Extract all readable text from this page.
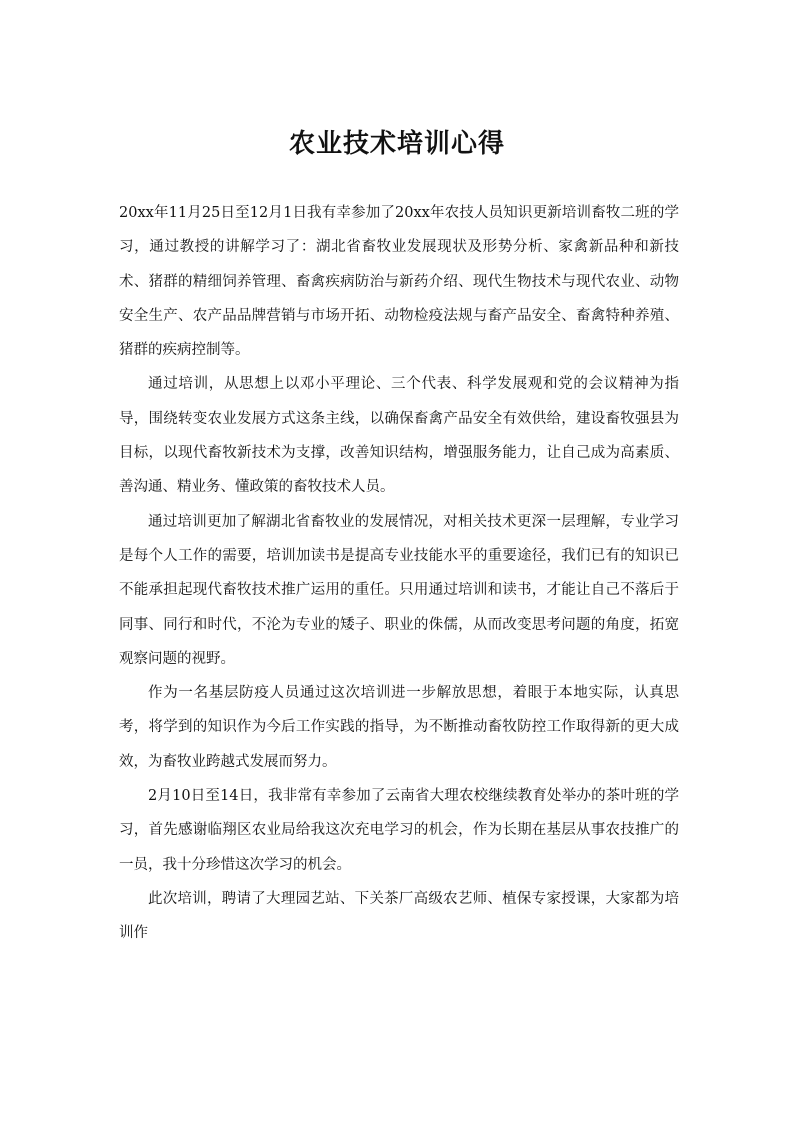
农业技术培训心得

20xx年11月25日至12月1日我有幸参加了20xx年农技人员知识更新培训畜牧二班的学习，通过教授的讲解学习了：湖北省畜牧业发展现状及形势分析、家禽新品种和新技术、猪群的精细饲养管理、畜禽疾病防治与新药介绍、现代生物技术与现代农业、动物安全生产、农产品品牌营销与市场开拓、动物检疫法规与畜产品安全、畜禽特种养殖、猪群的疾病控制等。

通过培训，从思想上以邓小平理论、三个代表、科学发展观和党的会议精神为指导，围绕转变农业发展方式这条主线，以确保畜禽产品安全有效供给，建设畜牧强县为目标，以现代畜牧新技术为支撑，改善知识结构，增强服务能力，让自己成为高素质、善沟通、精业务、懂政策的畜牧技术人员。

通过培训更加了解湖北省畜牧业的发展情况，对相关技术更深一层理解，专业学习是每个人工作的需要，培训加读书是提高专业技能水平的重要途径，我们已有的知识已不能承担起现代畜牧技术推广运用的重任。只用通过培训和读书，才能让自己不落后于同事、同行和时代，不沦为专业的矮子、职业的侏儒，从而改变思考问题的角度，拓宽观察问题的视野。

作为一名基层防疫人员通过这次培训进一步解放思想，着眼于本地实际，认真思考，将学到的知识作为今后工作实践的指导，为不断推动畜牧防控工作取得新的更大成效，为畜牧业跨越式发展而努力。

2月10日至14日，我非常有幸参加了云南省大理农校继续教育处举办的茶叶班的学习，首先感谢临翔区农业局给我这次充电学习的机会，作为长期在基层从事农技推广的一员，我十分珍惜这次学习的机会。

此次培训，聘请了大理园艺站、下关茶厂高级农艺师、植保专家授课，大家都为培训作
